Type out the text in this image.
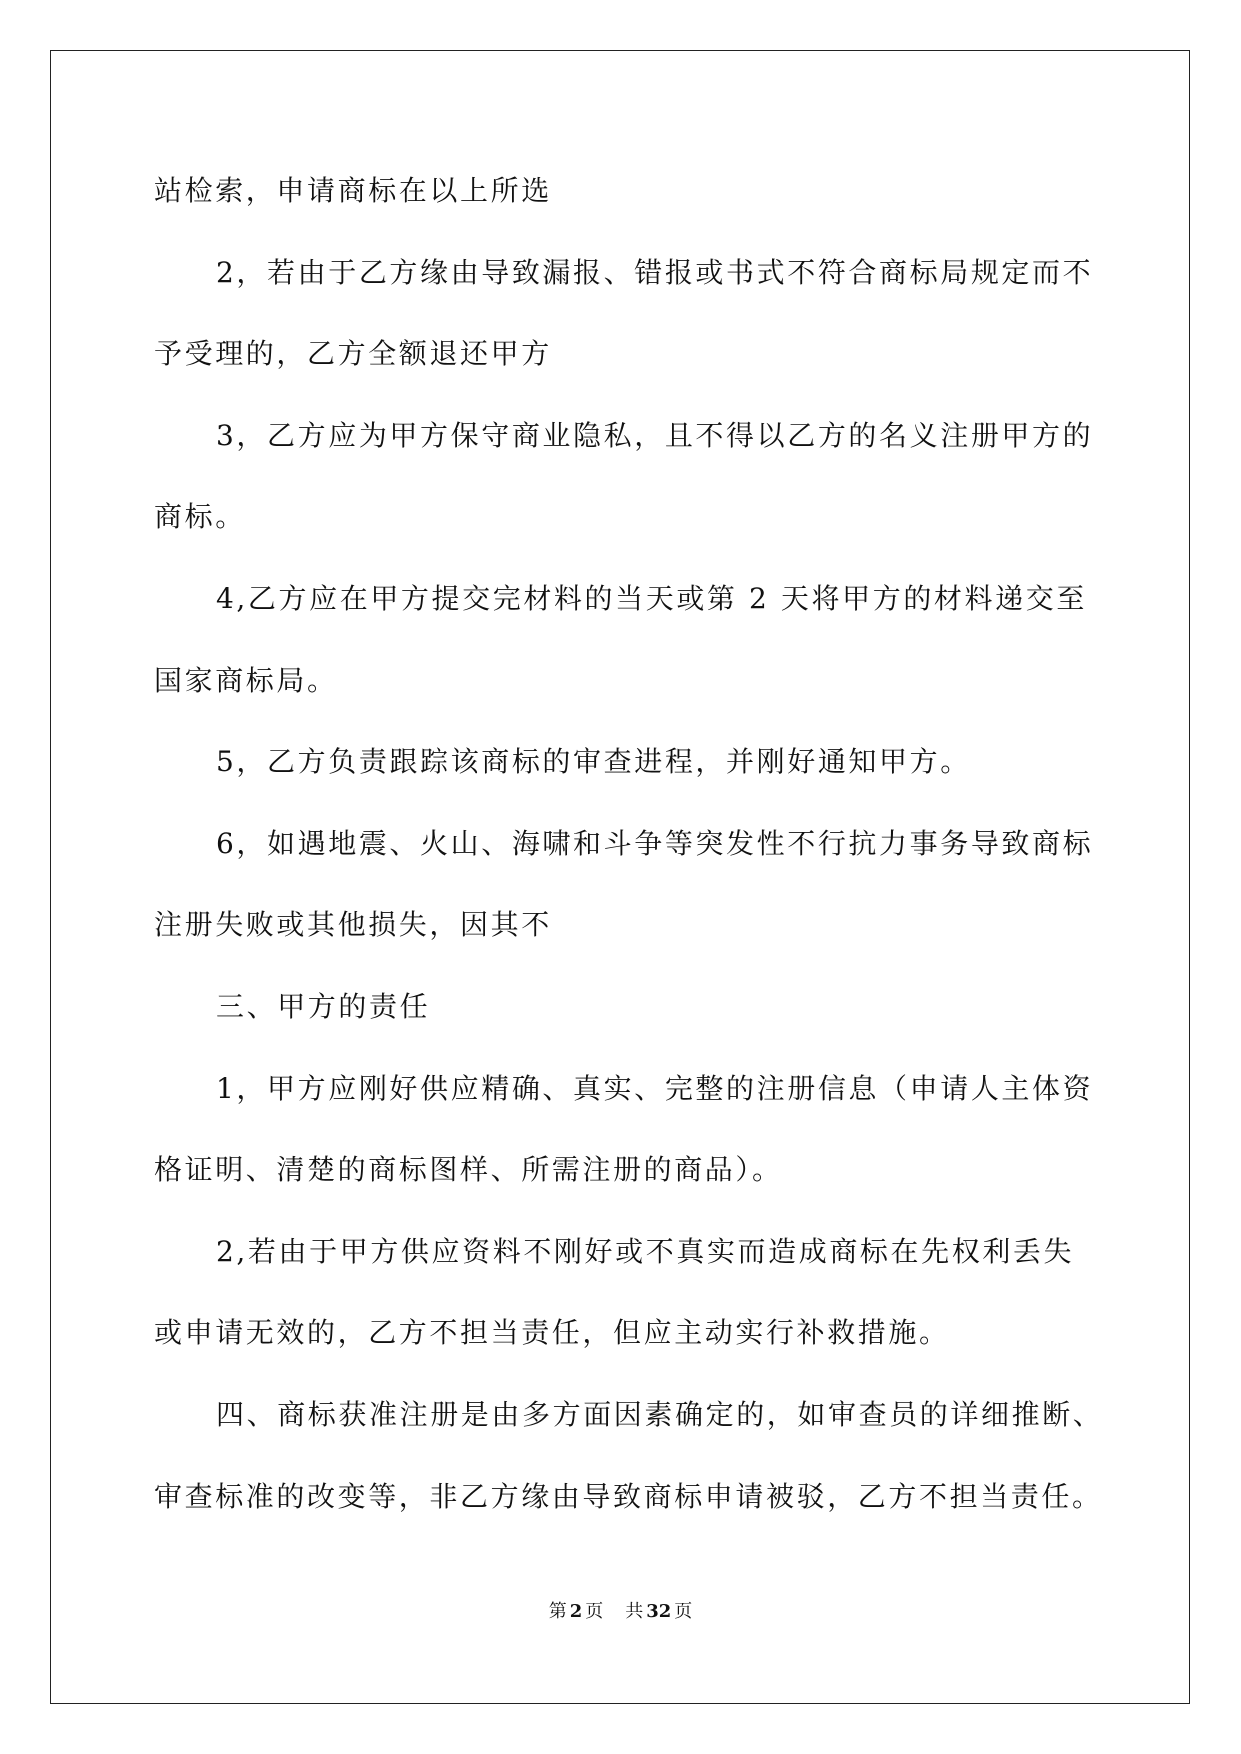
站检索，申请商标在以上所选
2，若由于乙方缘由导致漏报、错报或书式不符合商标局规定而不
予受理的，乙方全额退还甲方
3，乙方应为甲方保守商业隐私，且不得以乙方的名义注册甲方的
商标。
4,乙方应在甲方提交完材料的当天或第 2 天将甲方的材料递交至
国家商标局。
5，乙方负责跟踪该商标的审查进程，并刚好通知甲方。
6，如遇地震、火山、海啸和斗争等突发性不行抗力事务导致商标
注册失败或其他损失，因其不
三、甲方的责任
1，甲方应刚好供应精确、真实、完整的注册信息（申请人主体资
格证明、清楚的商标图样、所需注册的商品）。
2,若由于甲方供应资料不刚好或不真实而造成商标在先权利丢失
或申请无效的，乙方不担当责任，但应主动实行补救措施。
四、商标获准注册是由多方面因素确定的，如审查员的详细推断、
审查标准的改变等，非乙方缘由导致商标申请被驳，乙方不担当责任。
第 2 页 共 32 页
